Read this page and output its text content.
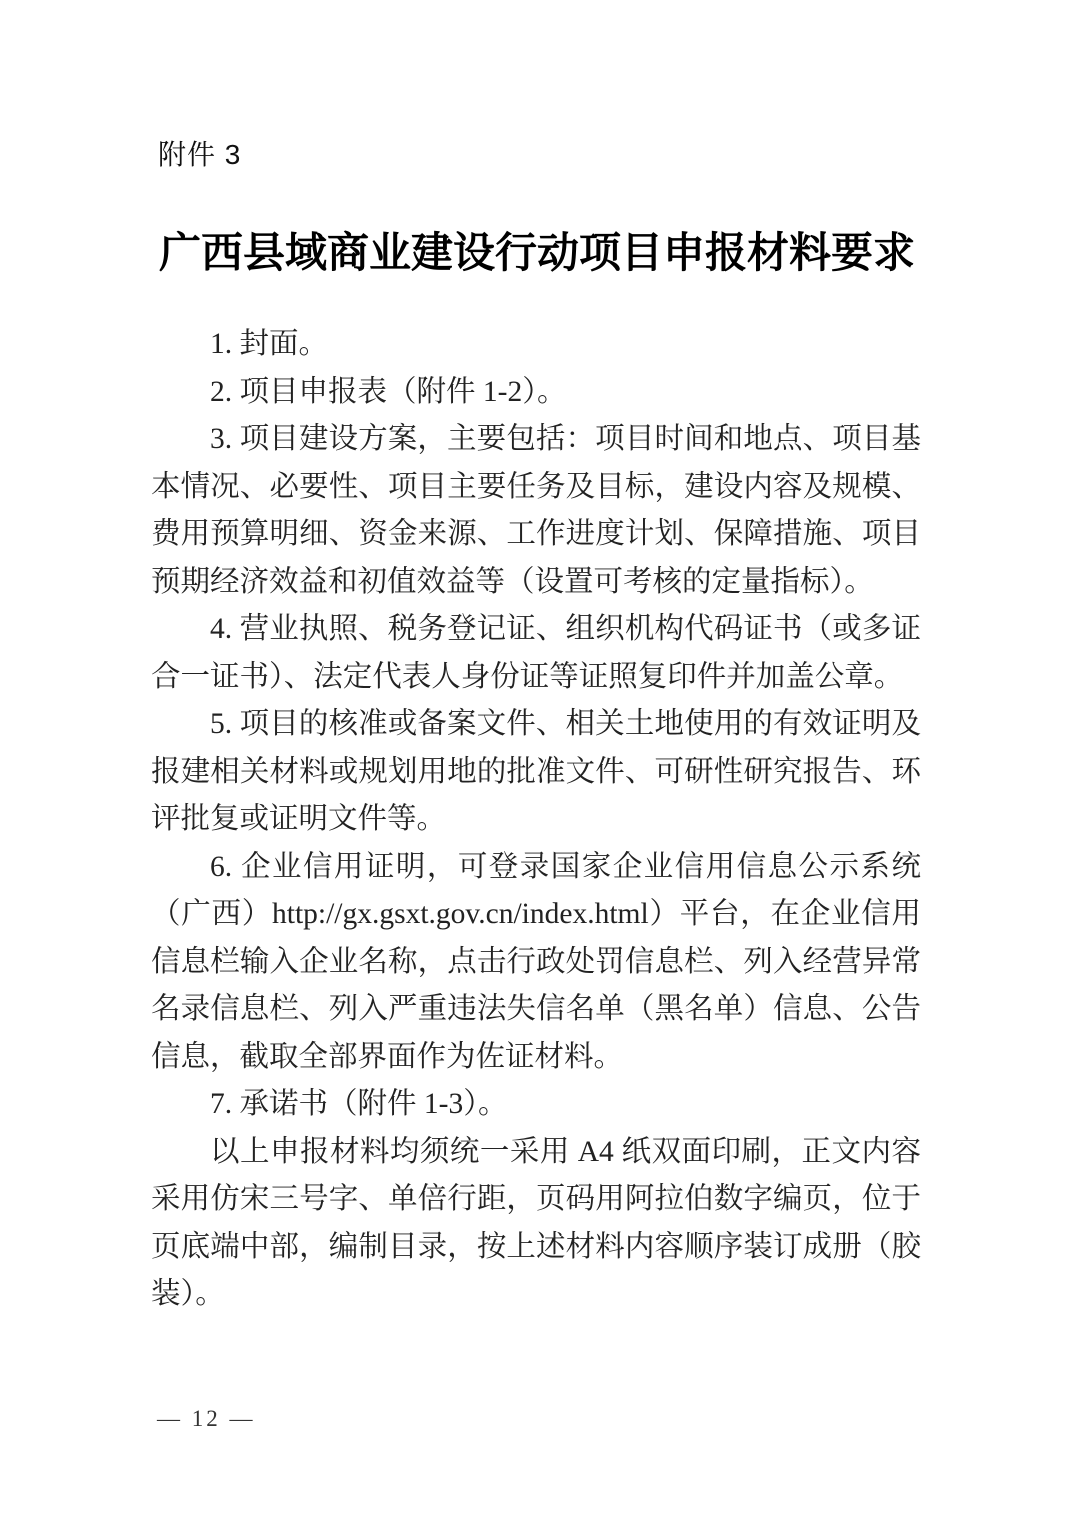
附件 3
广西县域商业建设行动项目申报材料要求

1. 封面。

2. 项目申报表（附件 1-2）。

3. 项目建设方案，主要包括：项目时间和地点、项目基本情况、必要性、项目主要任务及目标，建设内容及规模、费用预算明细、资金来源、工作进度计划、保障措施、项目预期经济效益和初值效益等（设置可考核的定量指标）。

4. 营业执照、税务登记证、组织机构代码证书（或多证合一证书）、法定代表人身份证等证照复印件并加盖公章。

5. 项目的核准或备案文件、相关土地使用的有效证明及报建相关材料或规划用地的批准文件、可研性研究报告、环评批复或证明文件等。

6. 企业信用证明，可登录国家企业信用信息公示系统（广西）http://gx.gsxt.gov.cn/index.html）平台，在企业信用信息栏输入企业名称，点击行政处罚信息栏、列入经营异常名录信息栏、列入严重违法失信名单（黑名单）信息、公告信息，截取全部界面作为佐证材料。

7. 承诺书（附件 1-3）。

以上申报材料均须统一采用 A4 纸双面印刷，正文内容采用仿宋三号字、单倍行距，页码用阿拉伯数字编页，位于页底端中部，编制目录，按上述材料内容顺序装订成册（胶装）。

— 12 —
